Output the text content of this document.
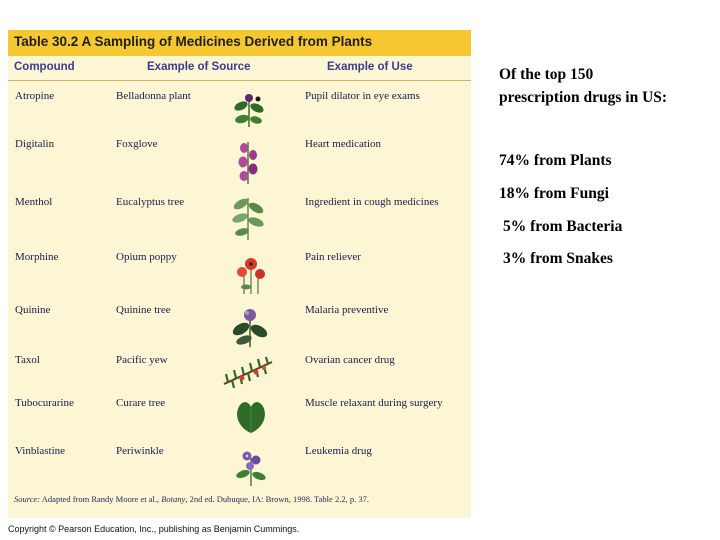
Table 30.2 A Sampling of Medicines Derived from Plants
Compound	Example of Source	Example of Use
Atropine	Belladonna plant	Pupil dilator in eye exams
Digitalin	Foxglove	Heart medication
Menthol	Eucalyptus tree	Ingredient in cough medicines
Morphine	Opium poppy	Pain reliever
Quinine	Quinine tree	Malaria preventive
Taxol	Pacific yew	Ovarian cancer drug
Tubocurarine	Curare tree	Muscle relaxant during surgery
Vinblastine	Periwinkle	Leukemia drug
Source: Adapted from Randy Moore et al., Botany, 2nd ed. Dubuque, IA: Brown, 1998. Table 2.2, p. 37.
Copyright © Pearson Education, Inc., publishing as Benjamin Cummings.
Of the top 150
prescription drugs in US:
74% from Plants
18% from Fungi
5% from Bacteria
3% from Snakes
